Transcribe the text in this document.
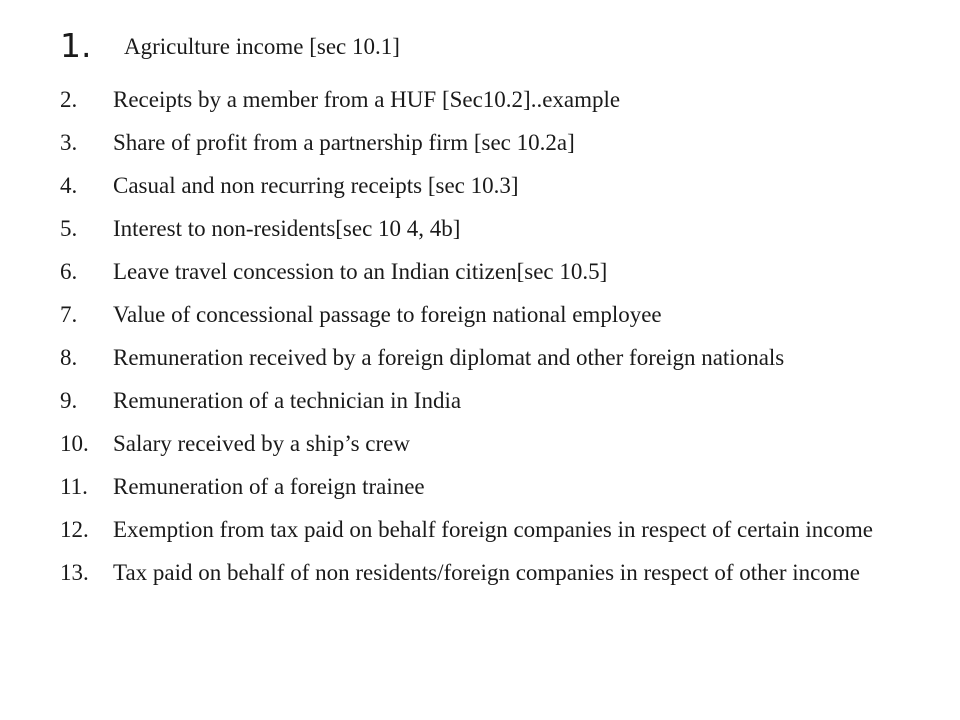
1. Agriculture income [sec 10.1]
2. Receipts by a member from a HUF [Sec10.2]..example
3. Share of profit from a partnership firm [sec 10.2a]
4. Casual and non recurring receipts [sec 10.3]
5. Interest to non-residents[sec 10 4, 4b]
6. Leave travel concession to an Indian citizen[sec 10.5]
7. Value of concessional passage to foreign national employee
8. Remuneration received by a foreign diplomat and other foreign nationals
9. Remuneration of a technician in India
10. Salary received by a ship’s crew
11. Remuneration of a foreign trainee
12. Exemption from tax paid on behalf foreign companies in respect of certain income
13. Tax paid on behalf of non residents/foreign companies in respect of other income
